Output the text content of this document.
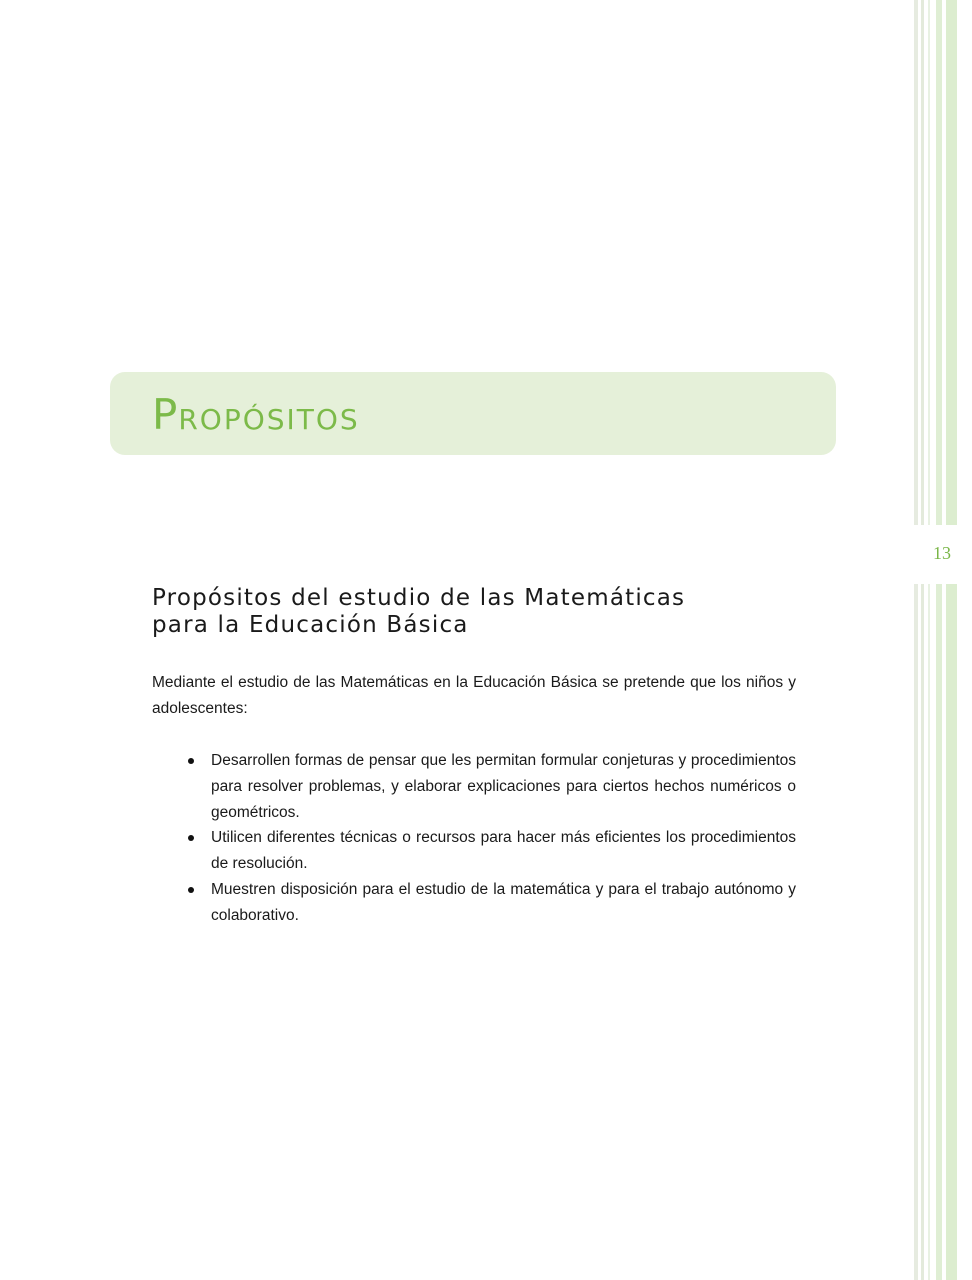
13
PROPÓSITOS
Propósitos del estudio de las Matemáticas
para la Educación Básica

Mediante el estudio de las Matemáticas en la Educación Básica se pretende que los niños y adolescentes:

Desarrollen formas de pensar que les permitan formular conjeturas y procedimientos para resolver problemas, y elaborar explicaciones para ciertos hechos numéricos o geométricos.
Utilicen diferentes técnicas o recursos para hacer más eficientes los procedimientos de resolución.
Muestren disposición para el estudio de la matemática y para el trabajo autónomo y colaborativo.
